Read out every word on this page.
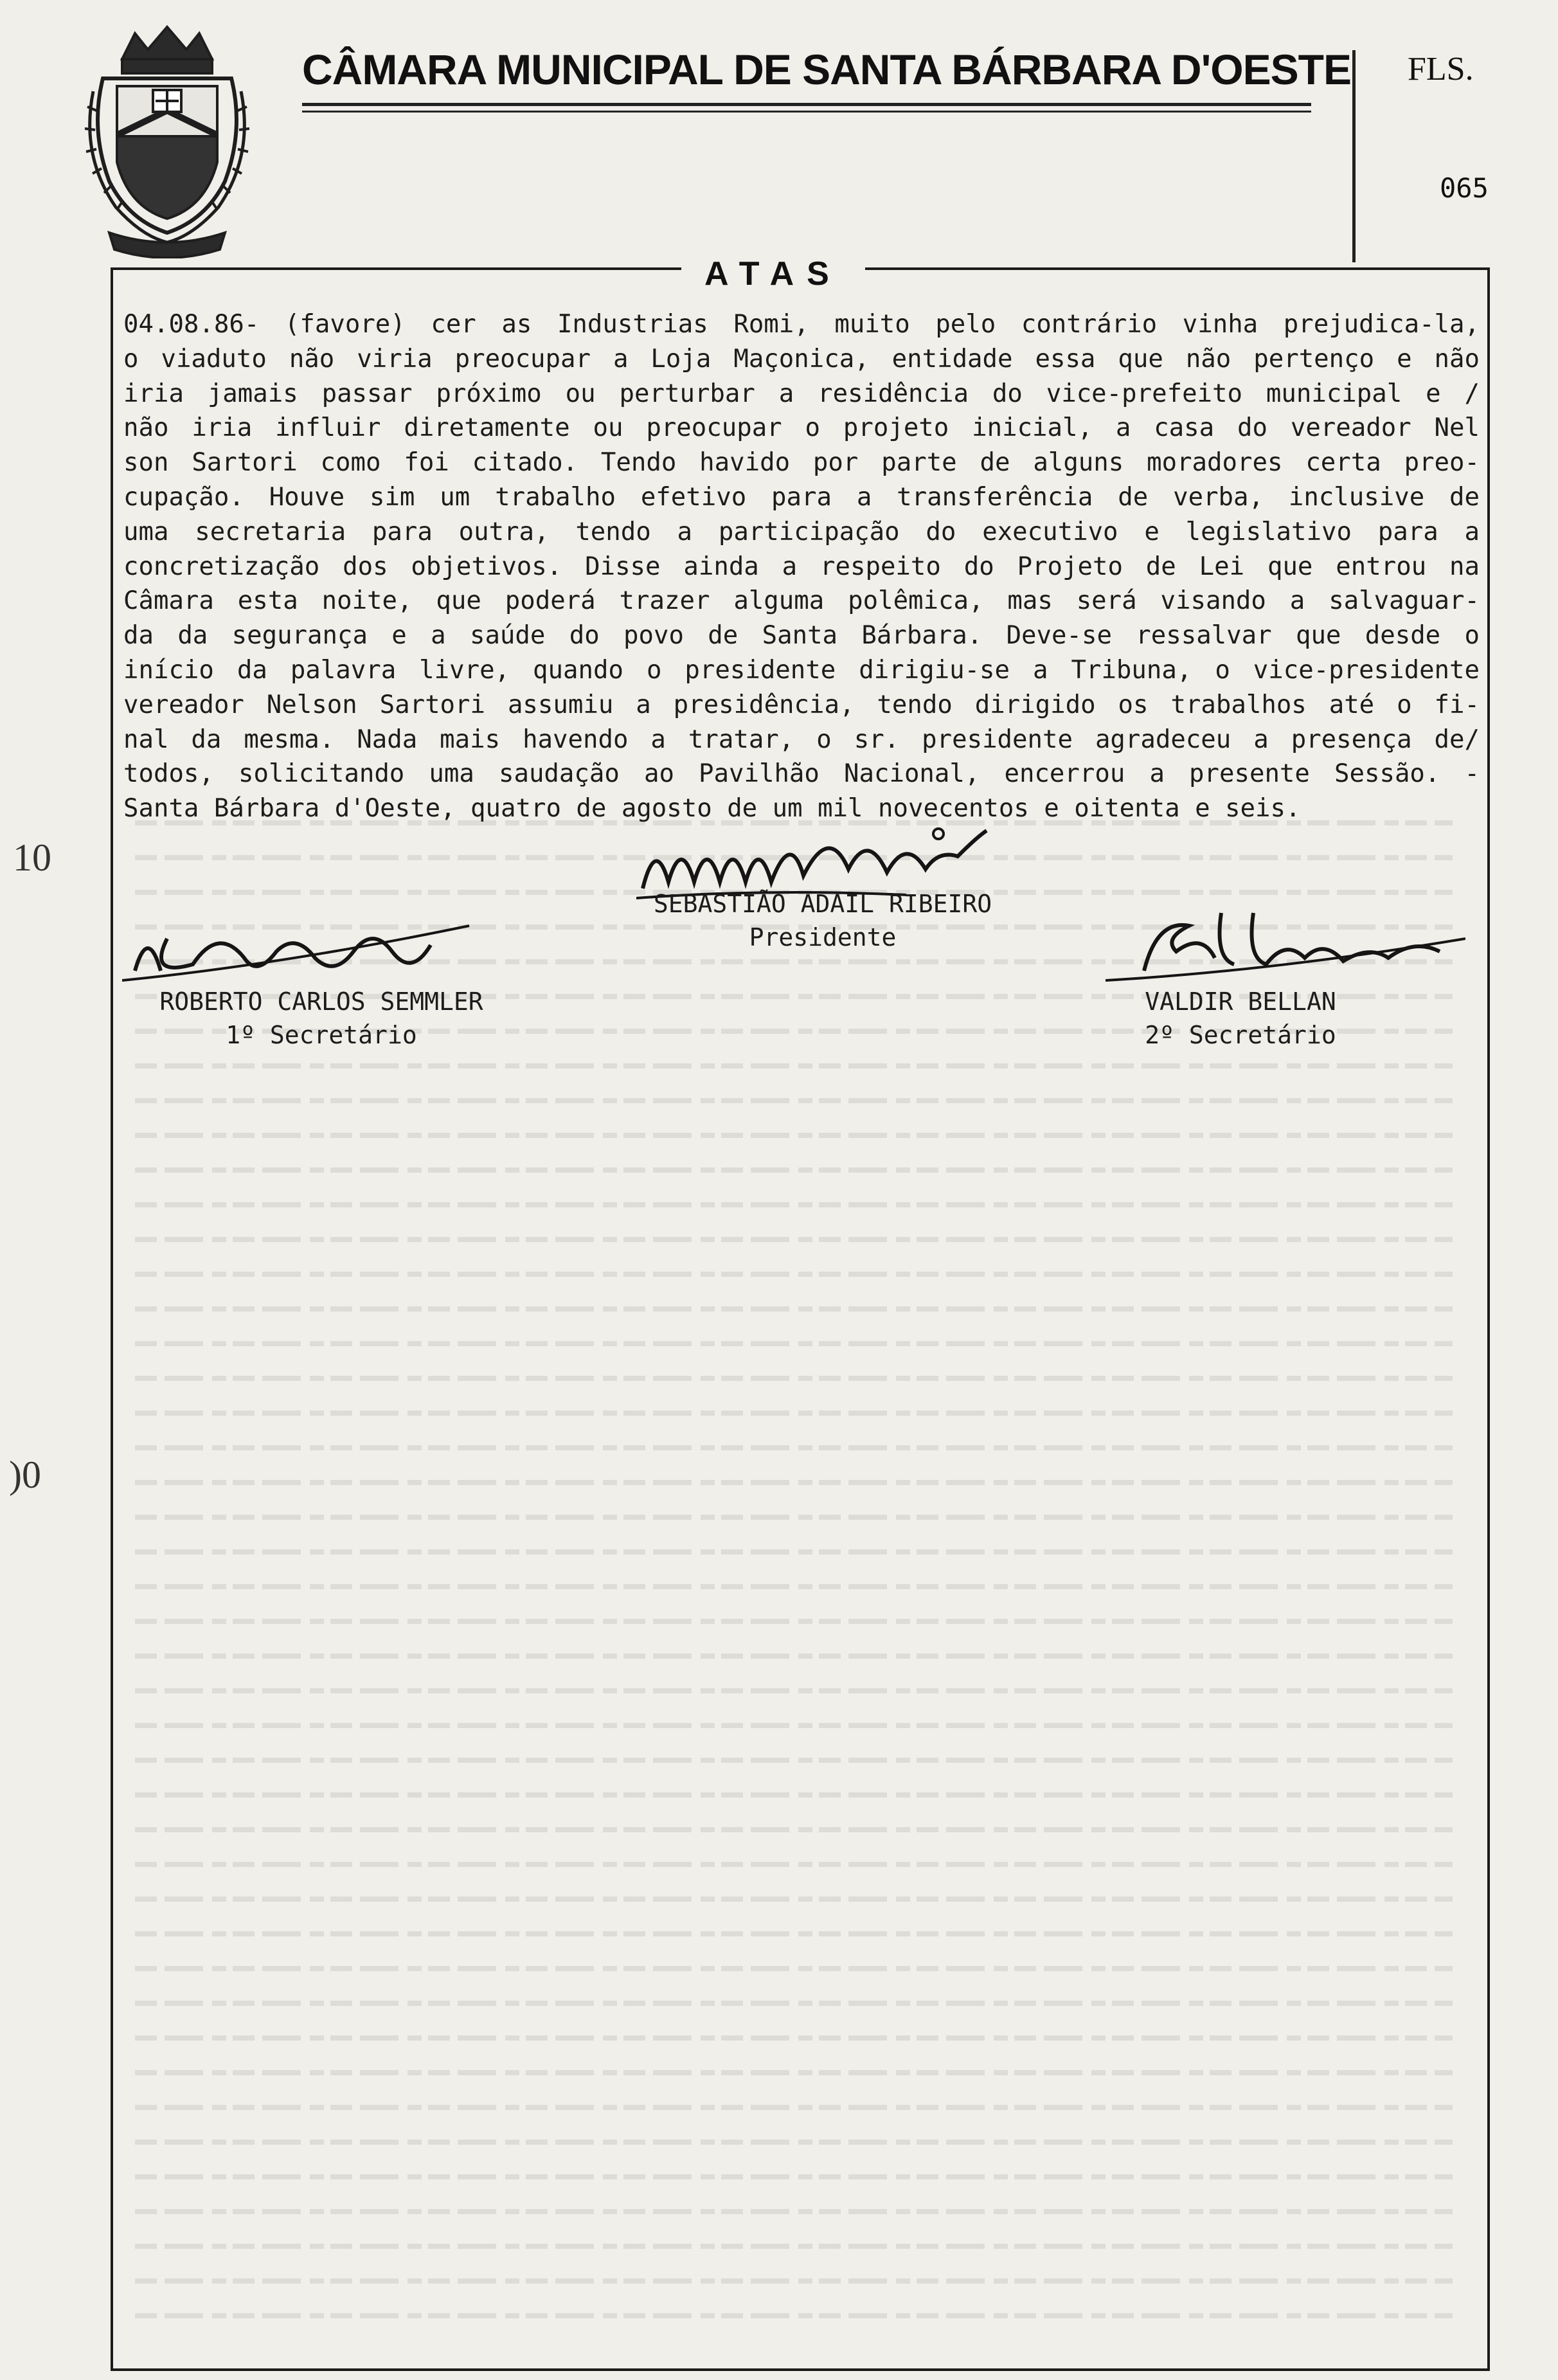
CÂMARA MUNICIPAL DE SANTA BÁRBARA D'OESTE FLS.
065
ATAS
04.08.86- (favore) cer as Industrias Romi, muito pelo contrário vinha prejudica-la,
o viaduto não viria preocupar a Loja Maçonica, entidade essa que não pertenço e não
iria jamais passar próximo ou perturbar a residência do vice-prefeito municipal e /
não iria influir diretamente ou preocupar o projeto inicial, a casa do vereador Nel
son Sartori como foi citado. Tendo havido por parte de alguns moradores certa preo-
cupação. Houve sim um trabalho efetivo para a transferência de verba, inclusive de
uma secretaria para outra, tendo a participação do executivo e legislativo para a
concretização dos objetivos. Disse ainda a respeito do Projeto de Lei que entrou na
Câmara esta noite, que poderá trazer alguma polêmica, mas será visando a salvaguar-
da da segurança e a saúde do povo de Santa Bárbara. Deve-se ressalvar que desde o
início da palavra livre, quando o presidente dirigiu-se a Tribuna, o vice-presidente
vereador Nelson Sartori assumiu a presidência, tendo dirigido os trabalhos até o fi-
nal da mesma. Nada mais havendo a tratar, o sr. presidente agradeceu a presença de/
todos, solicitando uma saudação ao Pavilhão Nacional, encerrou a presente Sessão. -
Santa Bárbara d'Oeste, quatro de agosto de um mil novecentos e oitenta e seis.
SEBASTIÃO ADAIL RIBEIRO
Presidente
ROBERTO CARLOS SEMMLER
1º Secretário
VALDIR BELLAN
2º Secretário
10
)0
